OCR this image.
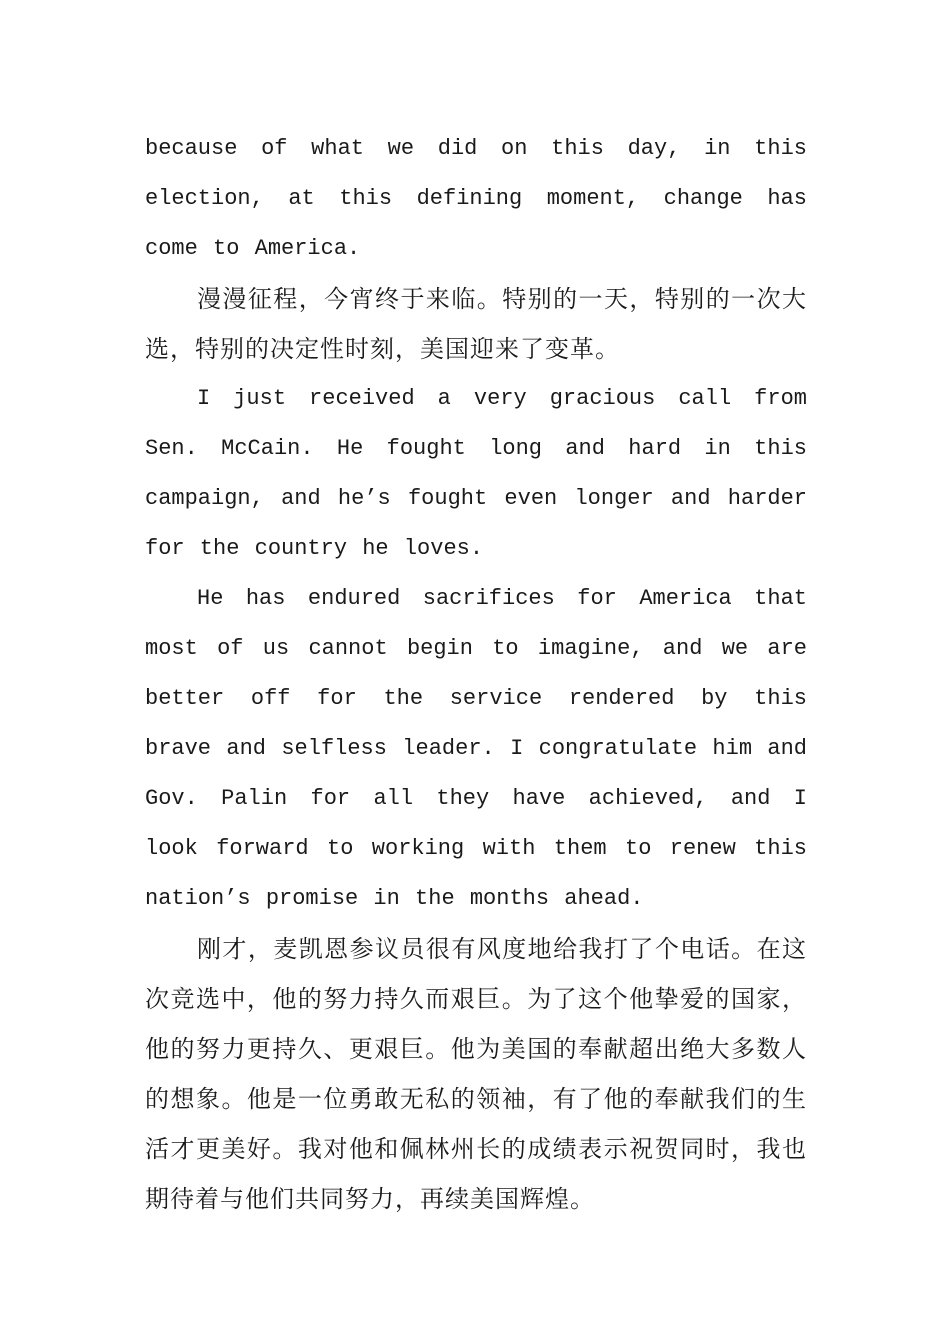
because of what we did on this day, in this election, at this defining moment, change has come to America.

漫漫征程，今宵终于来临。特别的一天，特别的一次大选，特别的决定性时刻，美国迎来了变革。

I just received a very gracious call from Sen. McCain. He fought long and hard in this campaign, and he’s fought even longer and harder for the country he loves.

He has endured sacrifices for America that most of us cannot begin to imagine, and we are better off for the service rendered by this brave and selfless leader. I congratulate him and Gov. Palin for all they have achieved, and I look forward to working with them to renew this nation’s promise in the months ahead.

刚才，麦凯恩参议员很有风度地给我打了个电话。在这次竞选中，他的努力持久而艰巨。为了这个他挚爱的国家，他的努力更持久、更艰巨。他为美国的奉献超出绝大多数人的想象。他是一位勇敢无私的领袖，有了他的奉献我们的生活才更美好。我对他和佩林州长的成绩表示祝贺同时，我也期待着与他们共同努力，再续美国辉煌。
